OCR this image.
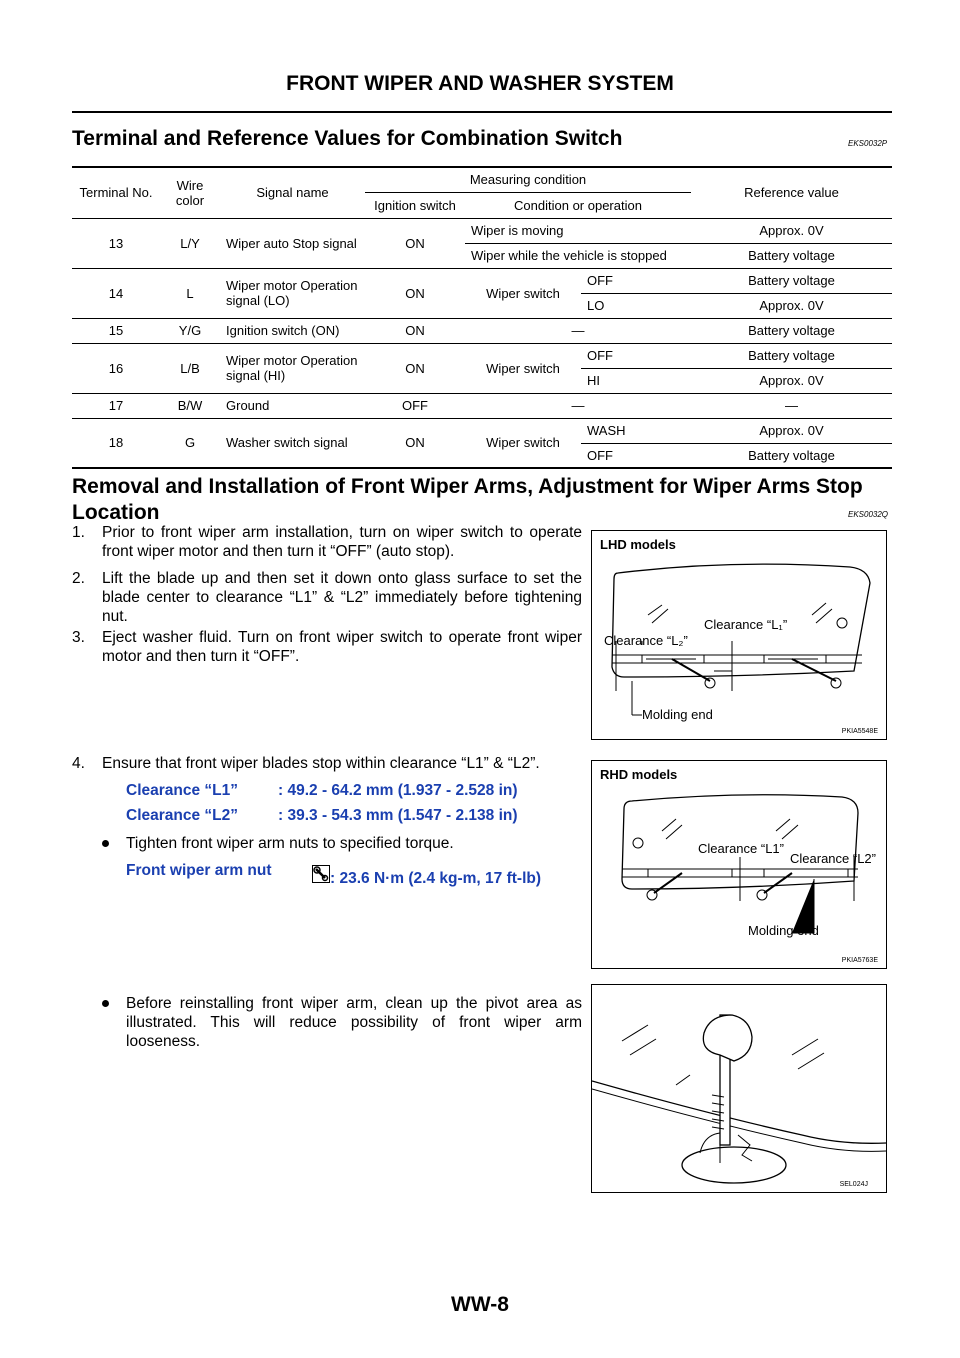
FRONT WIPER AND WASHER SYSTEM
Terminal and Reference Values for Combination Switch	EKS0032P
Terminal No.	Wire color	Signal name	Measuring condition			Reference value
			Ignition switch	Condition or operation		
13	L/Y	Wiper auto Stop signal	ON	Wiper is moving		Approx. 0V
				Wiper while the vehicle is stopped		Battery voltage
14	L	Wiper motor Operation signal (LO)	ON	Wiper switch	OFF	Battery voltage
					LO	Approx. 0V
15	Y/G	Ignition switch (ON)	ON	—		Battery voltage
16	L/B	Wiper motor Operation signal (HI)	ON	Wiper switch	OFF	Battery voltage
					HI	Approx. 0V
17	B/W	Ground	OFF	—		—
18	G	Washer switch signal	ON	Wiper switch	WASH	Approx. 0V
					OFF	Battery voltage
Removal and Installation of Front Wiper Arms, Adjustment for Wiper Arms Stop
Location	EKS0032Q
1. Prior to front wiper arm installation, turn on wiper switch to operate front wiper motor and then turn it “OFF” (auto stop).
2. Lift the blade up and then set it down onto glass surface to set the blade center to clearance “L1” & “L2” immediately before tightening nut.
3. Eject washer fluid. Turn on front wiper switch to operate front wiper motor and then turn it “OFF”.
4. Ensure that front wiper blades stop within clearance “L1” & “L2”.
Clearance “L1”	: 49.2 - 64.2 mm (1.937 - 2.528 in)
Clearance “L2”	: 39.3 - 54.3 mm (1.547 - 2.138 in)
Tighten front wiper arm nuts to specified torque.
Front wiper arm nut	: 23.6 N·m (2.4 kg-m, 17 ft-lb)
Before reinstalling front wiper arm, clean up the pivot area as illustrated. This will reduce possibility of front wiper arm looseness.
LHD models
Clearance “L₁”
Clearance “L₂”
Molding end
PKIA5548E
RHD models
Clearance “L1”
Clearance “L2”
Molding end
PKIA5763E
SEL024J
WW-8
